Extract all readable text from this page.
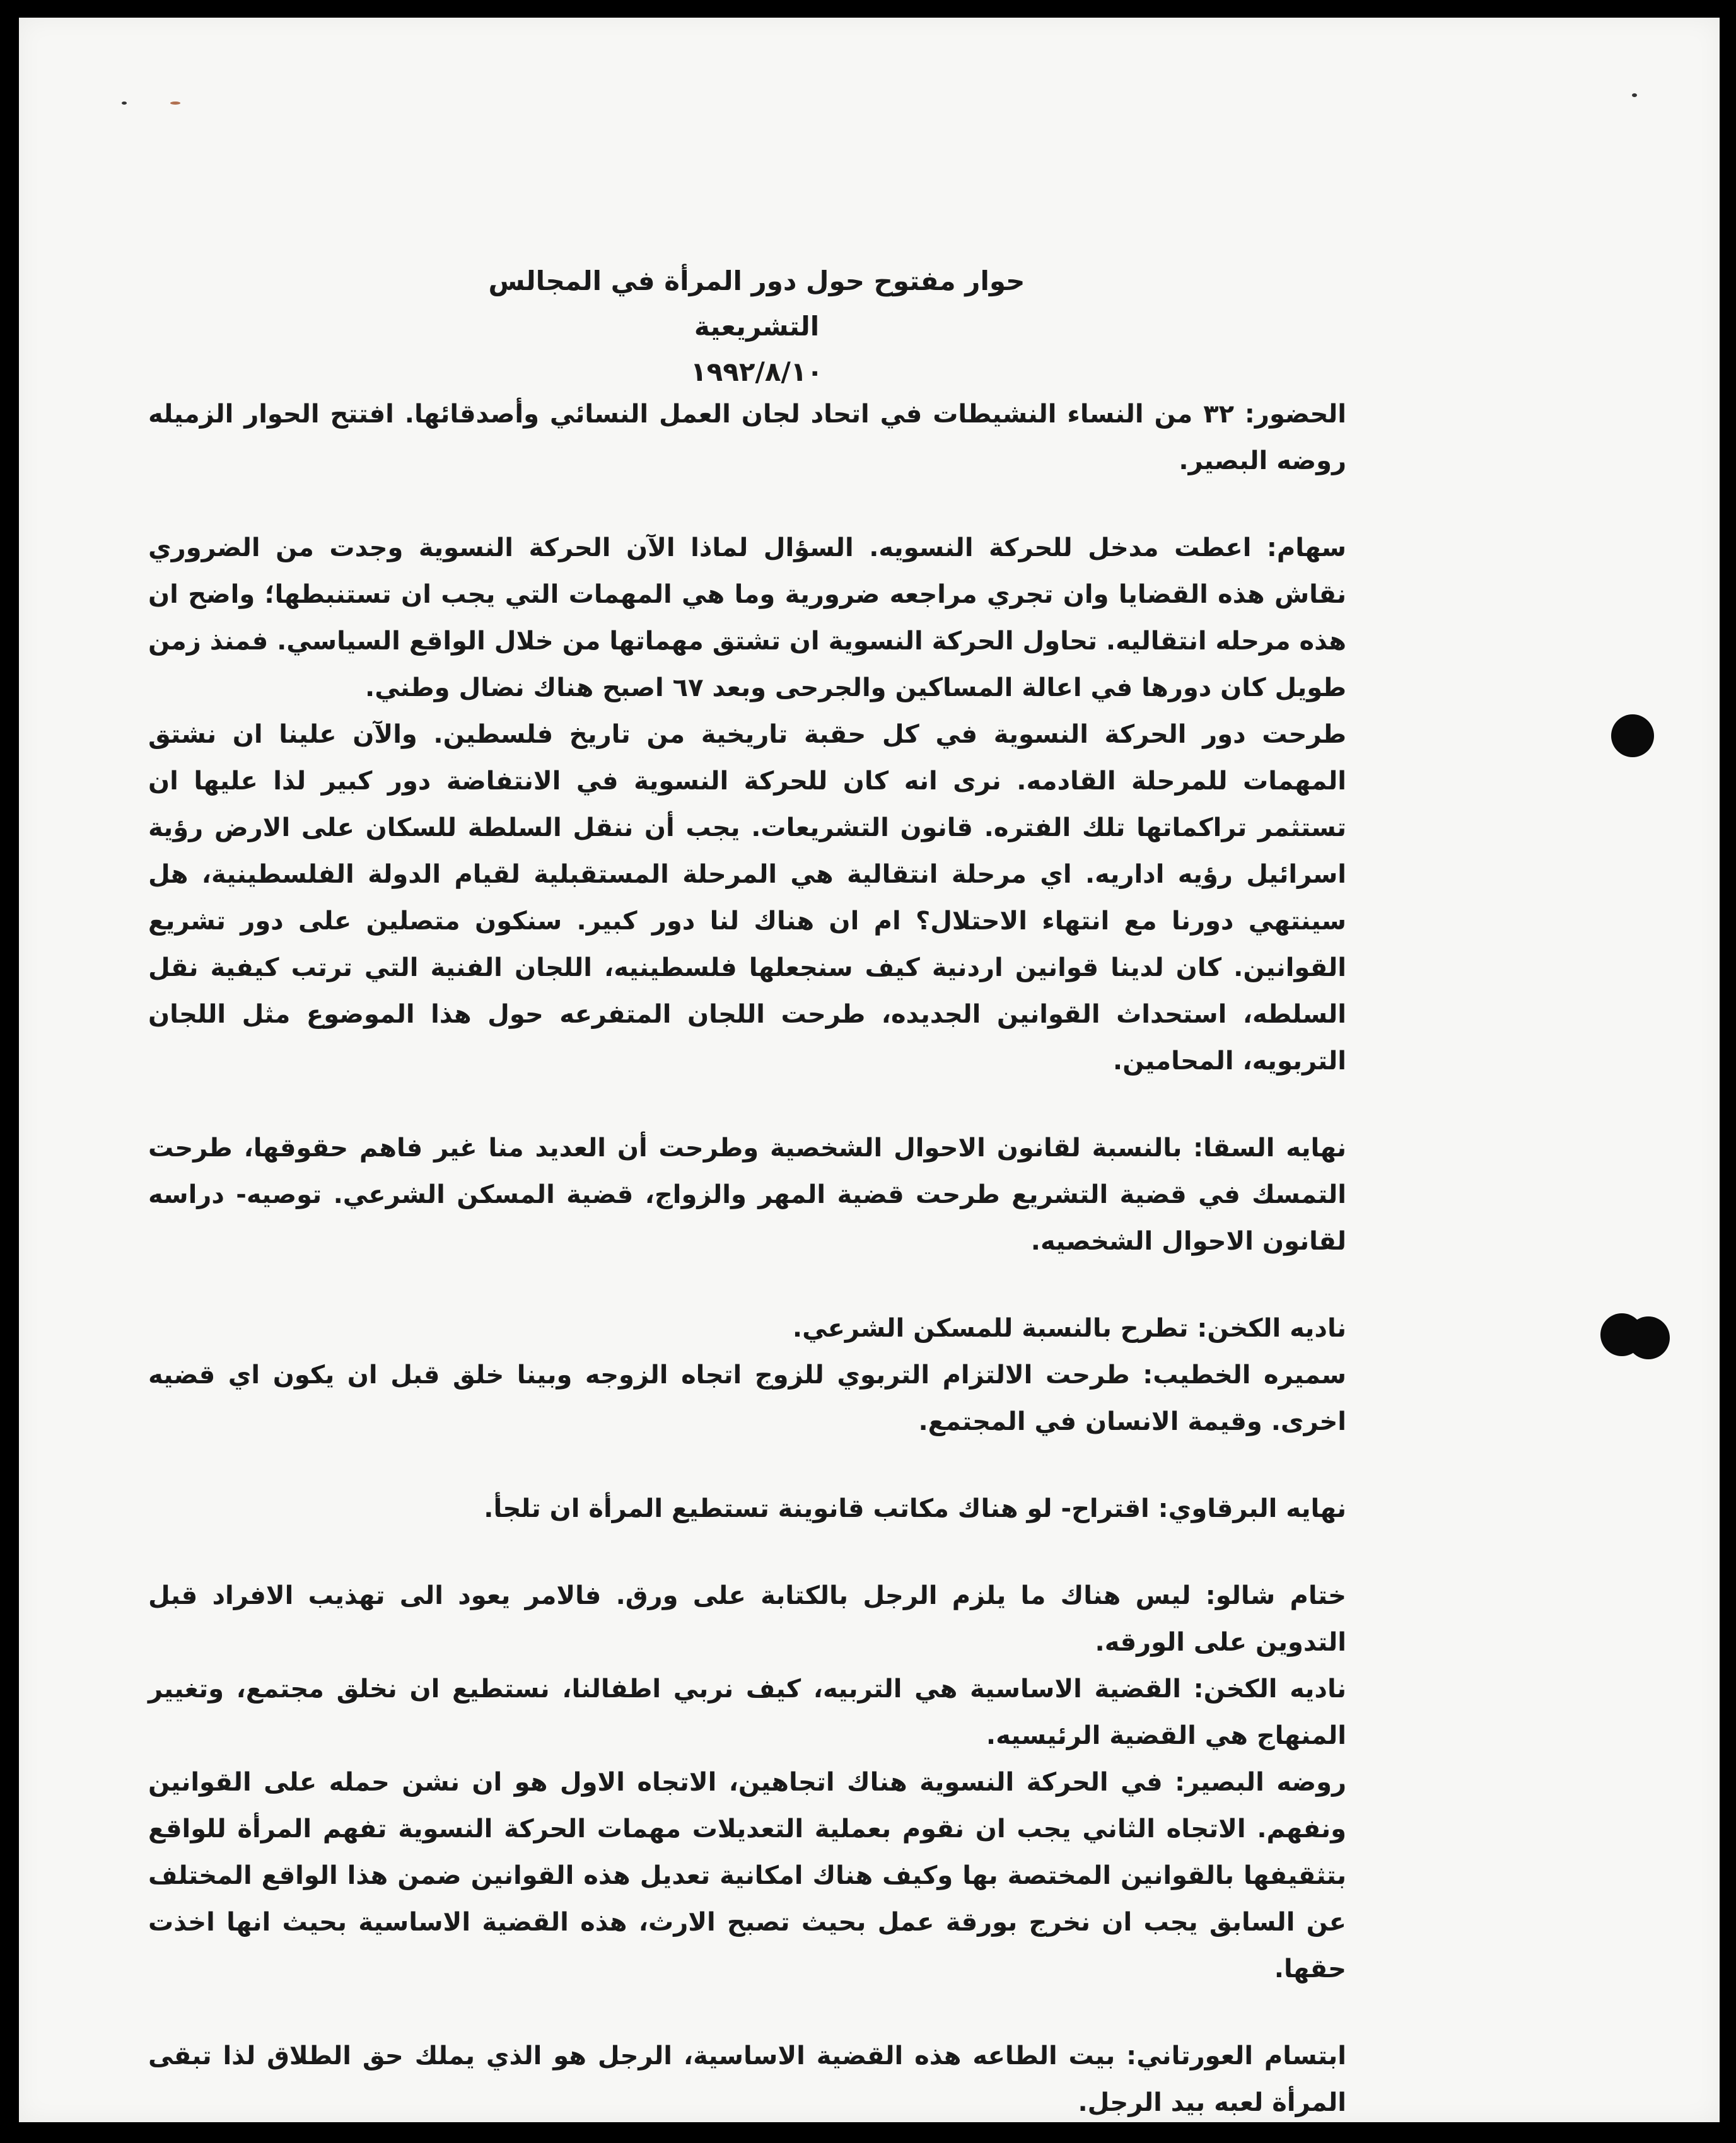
حوار مفتوح حول دور المرأة في المجالس التشريعية
١٩٩٢/٨/١٠

الحضور: ٣٢ من النساء النشيطات في اتحاد لجان العمل النسائي وأصدقائها. افتتح الحوار الزميله روضه البصير.

سهام: اعطت مدخل للحركة النسويه. السؤال لماذا الآن الحركة النسوية وجدت من الضروري نقاش هذه القضايا وان تجري مراجعه ضرورية وما هي المهمات التي يجب ان تستنبطها؛ واضح ان هذه مرحله انتقاليه. تحاول الحركة النسوية ان تشتق مهماتها من خلال الواقع السياسي. فمنذ زمن طويل كان دورها في اعالة المساكين والجرحى وبعد ٦٧ اصبح هناك نضال وطني.

طرحت دور الحركة النسوية في كل حقبة تاريخية من تاريخ فلسطين. والآن علينا ان نشتق المهمات للمرحلة القادمه. نرى انه كان للحركة النسوية في الانتفاضة دور كبير لذا عليها ان تستثمر تراكماتها تلك الفتره. قانون التشريعات. يجب أن ننقل السلطة للسكان على الارض رؤية اسرائيل رؤيه اداريه. اي مرحلة انتقالية هي المرحلة المستقبلية لقيام الدولة الفلسطينية، هل سينتهي دورنا مع انتهاء الاحتلال؟ ام ان هناك لنا دور كبير. سنكون متصلين على دور تشريع القوانين. كان لدينا قوانين اردنية كيف سنجعلها فلسطينيه، اللجان الفنية التي ترتب كيفية نقل السلطه، استحداث القوانين الجديده، طرحت اللجان المتفرعه حول هذا الموضوع مثل اللجان التربويه، المحامين.

نهايه السقا: بالنسبة لقانون الاحوال الشخصية وطرحت أن العديد منا غير فاهم حقوقها، طرحت التمسك في قضية التشريع طرحت قضية المهر والزواج، قضية المسكن الشرعي. توصيه- دراسه لقانون الاحوال الشخصيه.

ناديه الكخن: تطرح بالنسبة للمسكن الشرعي.

سميره الخطيب: طرحت الالتزام التربوي للزوج اتجاه الزوجه وبينا خلق قبل ان يكون اي قضيه اخرى. وقيمة الانسان في المجتمع.

نهايه البرقاوي: اقتراح- لو هناك مكاتب قانوينة تستطيع المرأة ان تلجأ.

ختام شالو: ليس هناك ما يلزم الرجل بالكتابة على ورق. فالامر يعود الى تهذيب الافراد قبل التدوين على الورقه.

ناديه الكخن: القضية الاساسية هي التربيه، كيف نربي اطفالنا، نستطيع ان نخلق مجتمع، وتغيير المنهاج هي القضية الرئيسيه.

روضه البصير: في الحركة النسوية هناك اتجاهين، الاتجاه الاول هو ان نشن حمله على القوانين ونفهم. الاتجاه الثاني يجب ان نقوم بعملية التعديلات مهمات الحركة النسوية تفهم المرأة للواقع بتثقيفها بالقوانين المختصة بها وكيف هناك امكانية تعديل هذه القوانين ضمن هذا الواقع المختلف عن السابق يجب ان نخرج بورقة عمل بحيث تصبح الارث، هذه القضية الاساسية بحيث انها اخذت حقها.

ابتسام العورتاني: بيت الطاعه هذه القضية الاساسية، الرجل هو الذي يملك حق الطلاق لذا تبقى المرأة لعبه بيد الرجل.
